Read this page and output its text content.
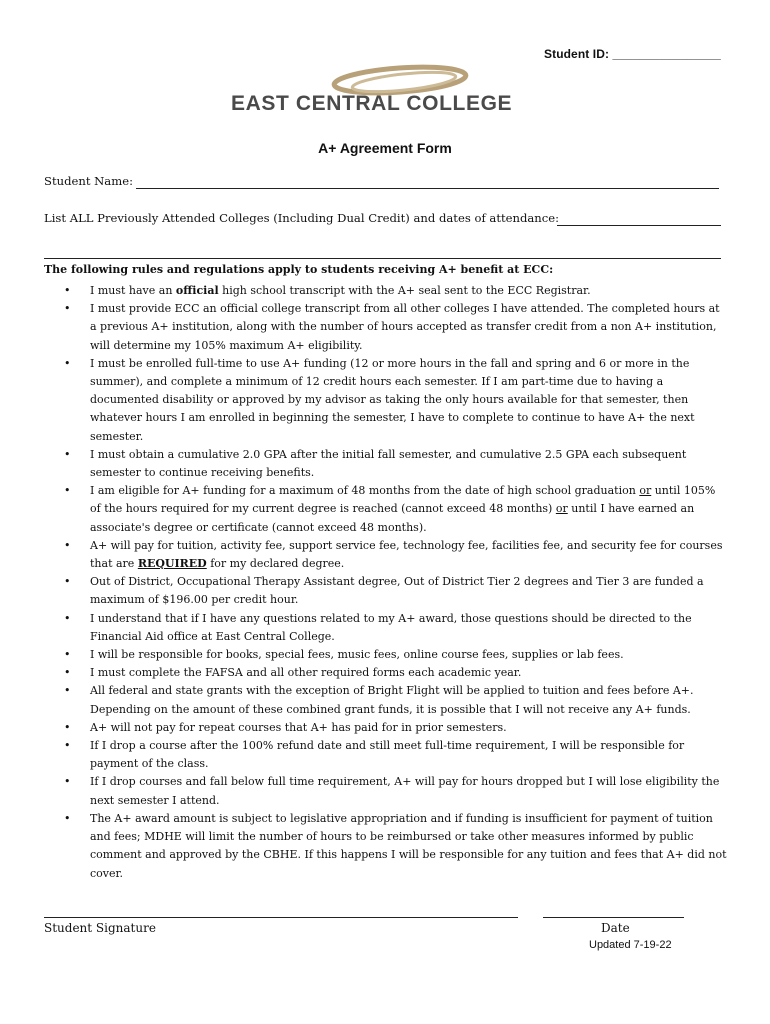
Student ID: ________________
EAST CENTRAL COLLEGE
A+ Agreement Form
Student Name:
List ALL Previously Attended Colleges (Including Dual Credit) and dates of attendance:
The following rules and regulations apply to students receiving A+ benefit at ECC:
• I must have an official high school transcript with the A+ seal sent to the ECC Registrar.
• I must provide ECC an official college transcript from all other colleges I have attended. The completed hours at a previous A+ institution, along with the number of hours accepted as transfer credit from a non A+ institution, will determine my 105% maximum A+ eligibility.
• I must be enrolled full-time to use A+ funding (12 or more hours in the fall and spring and 6 or more in the summer), and complete a minimum of 12 credit hours each semester. If I am part-time due to having a documented disability or approved by my advisor as taking the only hours available for that semester, then whatever hours I am enrolled in beginning the semester, I have to complete to continue to have A+ the next semester.
• I must obtain a cumulative 2.0 GPA after the initial fall semester, and cumulative 2.5 GPA each subsequent semester to continue receiving benefits.
• I am eligible for A+ funding for a maximum of 48 months from the date of high school graduation or until 105% of the hours required for my current degree is reached (cannot exceed 48 months) or until I have earned an associate's degree or certificate (cannot exceed 48 months).
• A+ will pay for tuition, activity fee, support service fee, technology fee, facilities fee, and security fee for courses that are REQUIRED for my declared degree.
• Out of District, Occupational Therapy Assistant degree, Out of District Tier 2 degrees and Tier 3 are funded a maximum of $196.00 per credit hour.
• I understand that if I have any questions related to my A+ award, those questions should be directed to the Financial Aid office at East Central College.
• I will be responsible for books, special fees, music fees, online course fees, supplies or lab fees.
• I must complete the FAFSA and all other required forms each academic year.
• All federal and state grants with the exception of Bright Flight will be applied to tuition and fees before A+. Depending on the amount of these combined grant funds, it is possible that I will not receive any A+ funds.
• A+ will not pay for repeat courses that A+ has paid for in prior semesters.
• If I drop a course after the 100% refund date and still meet full-time requirement, I will be responsible for payment of the class.
• If I drop courses and fall below full time requirement, A+ will pay for hours dropped but I will lose eligibility the next semester I attend.
• The A+ award amount is subject to legislative appropriation and if funding is insufficient for payment of tuition and fees; MDHE will limit the number of hours to be reimbursed or take other measures informed by public comment and approved by the CBHE. If this happens I will be responsible for any tuition and fees that A+ did not cover.
Student Signature	Date
Updated 7-19-22
